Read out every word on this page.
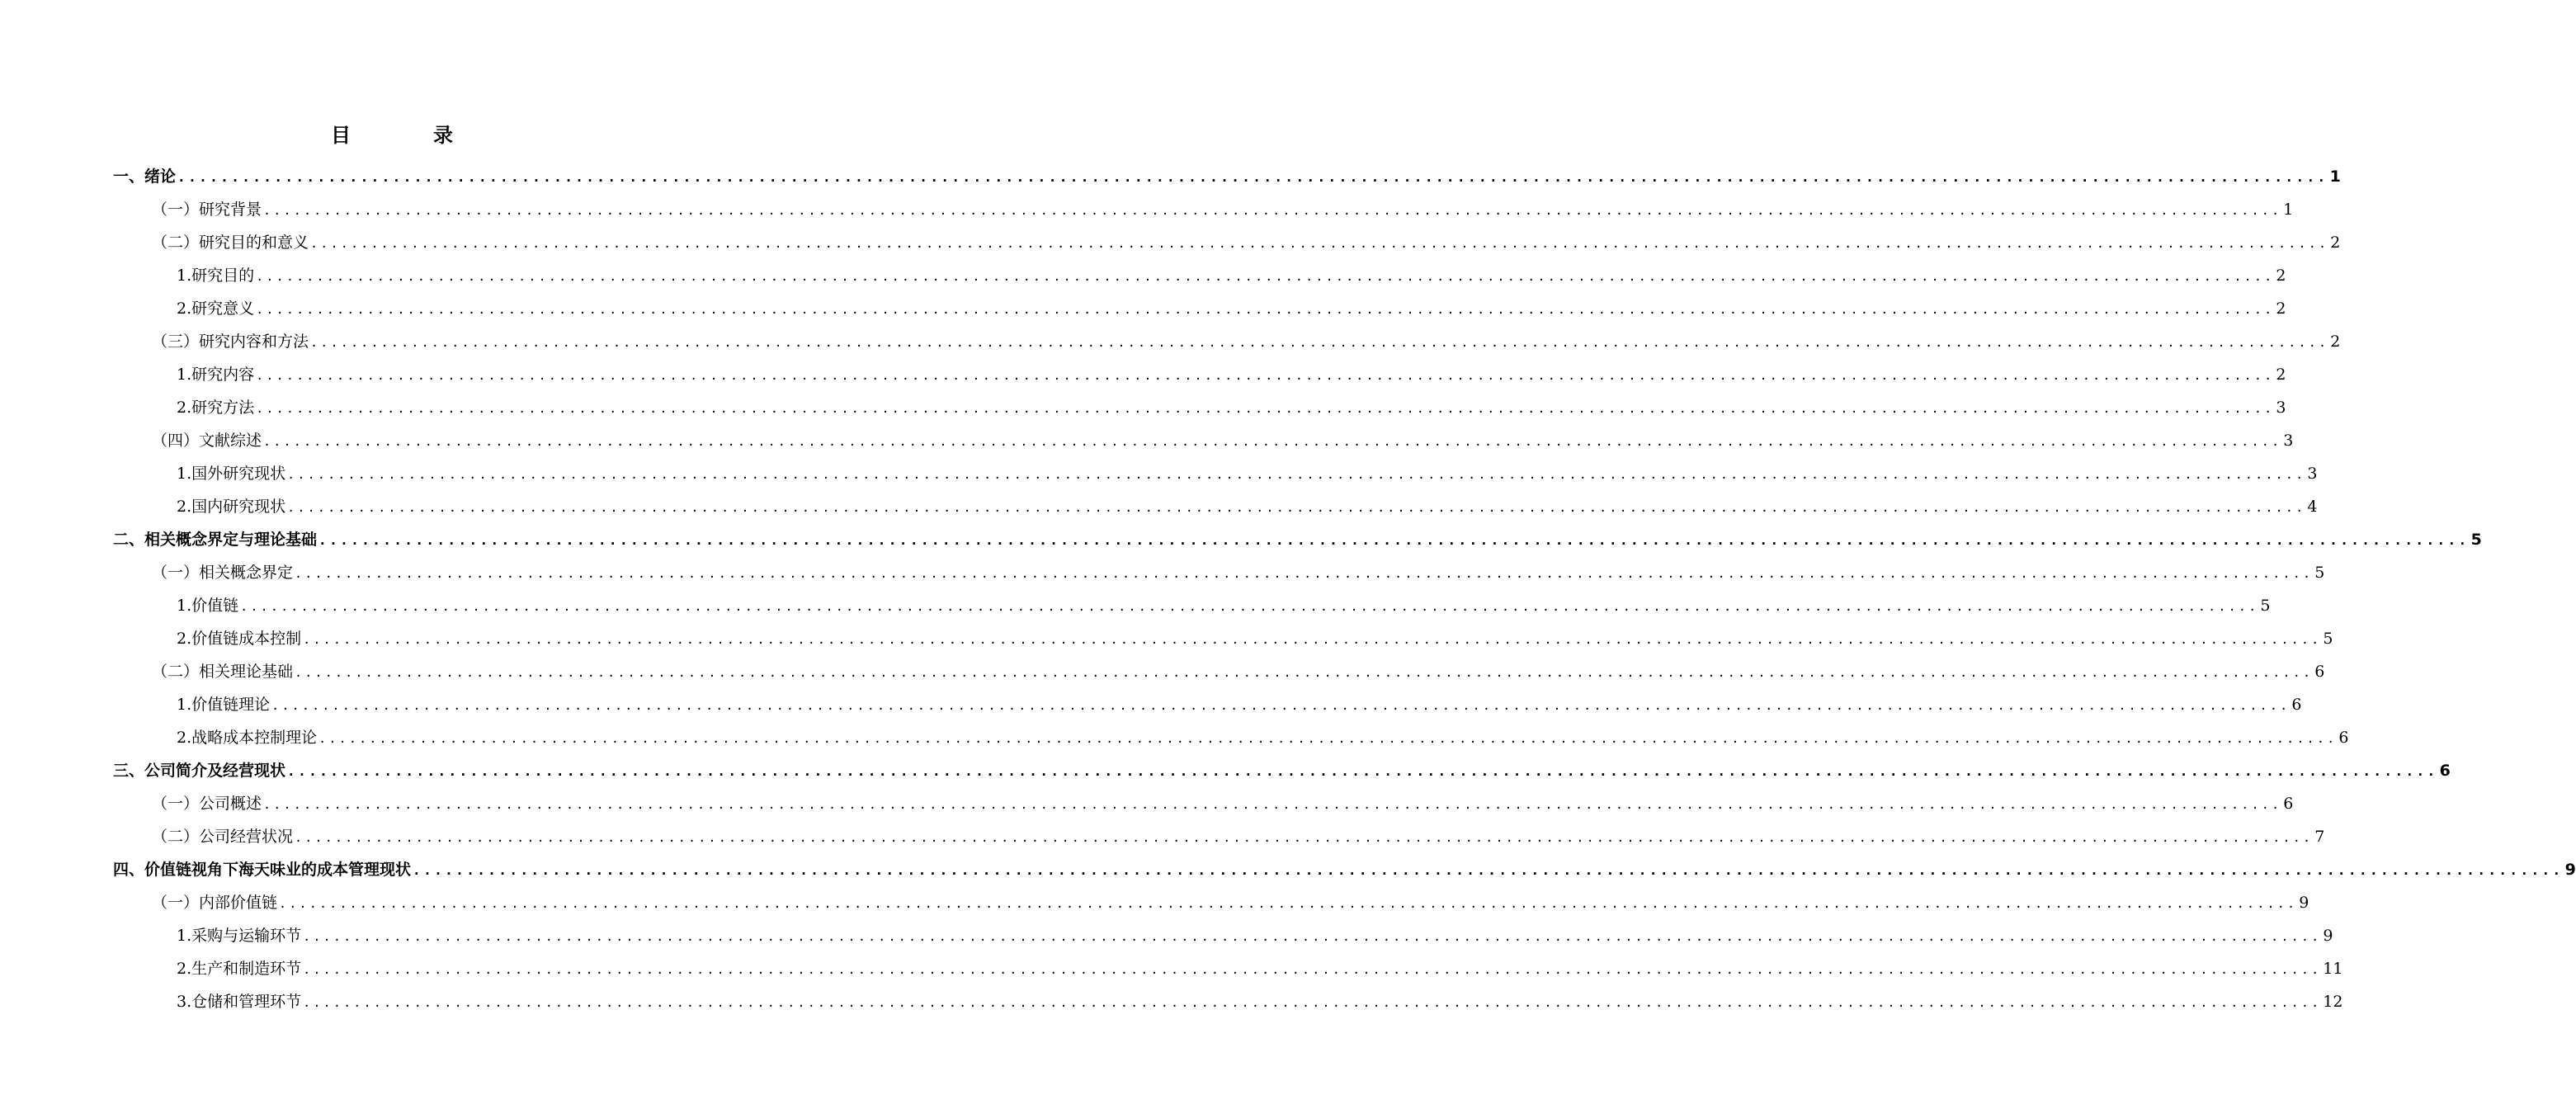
目	录
一、 绪论 ........................................................................................................................................................................................................ 1
（一） 研究背景 ........................................................................................................................................................................................................ 1
（二） 研究目的和意义 ........................................................................................................................................................................................................ 2
1. 研究目的 ........................................................................................................................................................................................................ 2
2. 研究意义 ........................................................................................................................................................................................................ 2
（三） 研究内容和方法 ........................................................................................................................................................................................................ 2
1. 研究内容 ........................................................................................................................................................................................................ 2
2. 研究方法 ........................................................................................................................................................................................................ 3
（四） 文献综述 ........................................................................................................................................................................................................ 3
1. 国外研究现状 ........................................................................................................................................................................................................ 3
2. 国内研究现状 ........................................................................................................................................................................................................ 4
二、 相关概念界定与理论基础 ........................................................................................................................................................................................................ 5
（一） 相关概念界定 ........................................................................................................................................................................................................ 5
1. 价值链 ........................................................................................................................................................................................................ 5
2. 价值链成本控制 ........................................................................................................................................................................................................ 5
（二） 相关理论基础 ........................................................................................................................................................................................................ 6
1. 价值链理论 ........................................................................................................................................................................................................ 6
2. 战略成本控制理论 ........................................................................................................................................................................................................ 6
三、 公司简介及经营现状 ........................................................................................................................................................................................................ 6
（一） 公司概述 ........................................................................................................................................................................................................ 6
（二） 公司经营状况 ........................................................................................................................................................................................................ 7
四、 价值链视角下海天味业的成本管理现状 ........................................................................................................................................................................................................ 9
（一） 内部价值链 ........................................................................................................................................................................................................ 9
1. 采购与运输环节 ........................................................................................................................................................................................................ 9
2. 生产和制造环节 ........................................................................................................................................................................................................ 11
3. 仓储和管理环节 ........................................................................................................................................................................................................ 12
